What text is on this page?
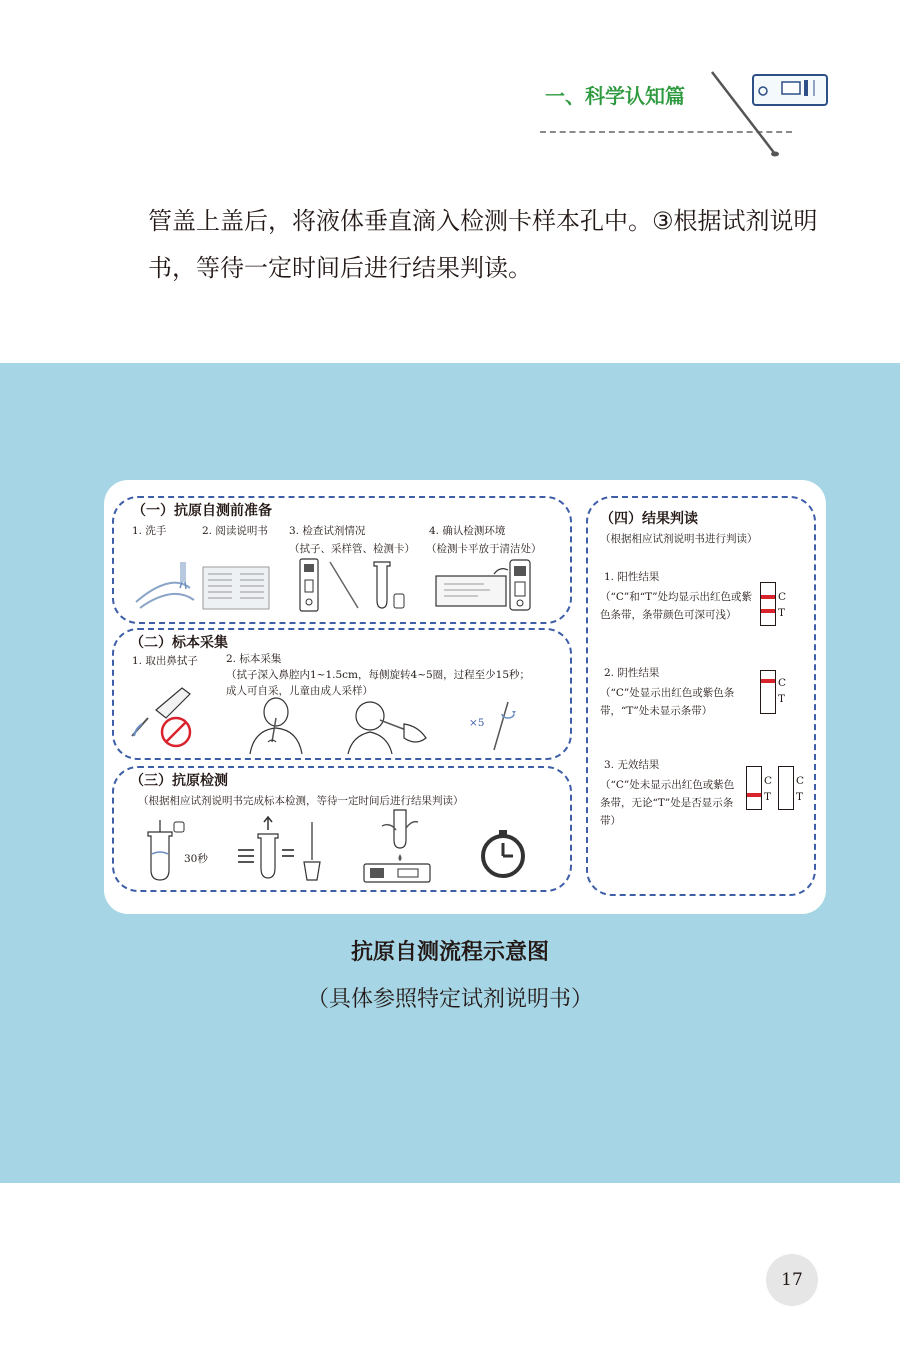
一、科学认知篇
管盖上盖后，将液体垂直滴入检测卡样本孔中。③根据试剂说明书，等待一定时间后进行结果判读。
（一）抗原自测前准备
1. 洗手	2. 阅读说明书 3. 检查试剂情况
（拭子、采样管、检测卡）
4. 确认检测环境
（检测卡平放于清洁处）
（二）标本采集
1. 取出鼻拭子	2. 标本采集
（拭子深入鼻腔内1~1.5cm，每侧旋转4~5圈，过程至少15秒；
成人可自采，儿童由成人采样）
×5
（三）抗原检测
（根据相应试剂说明书完成标本检测，等待一定时间后进行结果判读）
30秒
（四）结果判读
（根据相应试剂说明书进行判读）
1. 阳性结果
（“C”和“T”处均显示出红色或紫色条带，条带颜色可深可浅）
C
T
2. 阴性结果
（“C”处显示出红色或紫色条带，“T”处未显示条带）
C
T
3. 无效结果
（“C”处未显示出红色或紫色条带，无论“T”处是否显示条带）
C
T
C
T
抗原自测流程示意图
（具体参照特定试剂说明书）
17
